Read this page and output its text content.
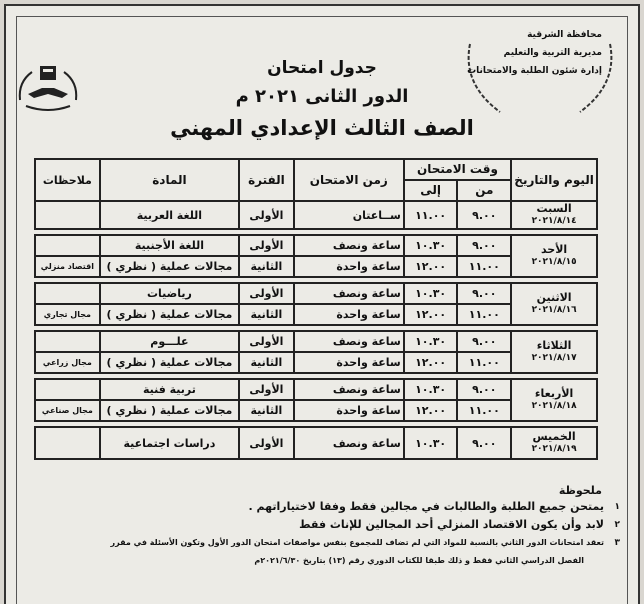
محافظة الشرقية
مديرية التربية والتعليم
إدارة شئون الطلبة والامتحانات
جدول امتحان
الدور الثانى ٢٠٢١ م
الصف الثالث الإعدادي المهني
اليوم والتاريخ	وقت الامتحان		زمن الامتحان	الفترة	المادة	ملاحظات
	من	إلى				

السبت
٢٠٢١/٨/١٤	٩.٠٠	١١.٠٠	ســاعتان	الأولى	اللغة العربية	

الأحد
٢٠٢١/٨/١٥	٩.٠٠	١٠.٣٠	ساعة ونصف	الأولى	اللغة الأجنبية	
	١١.٠٠	١٢.٠٠	ساعة واحدة	الثانية	مجالات عملية ( نظري )	اقتصاد منزلي

الاثنين
٢٠٢١/٨/١٦	٩.٠٠	١٠.٣٠	ساعة ونصف	الأولى	رياضيات	
	١١.٠٠	١٢.٠٠	ساعة واحدة	الثانية	مجالات عملية ( نظري )	مجال تجاري

الثلاثاء
٢٠٢١/٨/١٧	٩.٠٠	١٠.٣٠	ساعة ونصف	الأولى	علـــوم	
	١١.٠٠	١٢.٠٠	ساعة واحدة	الثانية	مجالات عملية ( نظري )	مجال زراعي

الأربعاء
٢٠٢١/٨/١٨	٩.٠٠	١٠.٣٠	ساعة ونصف	الأولى	تربية فنية	
	١١.٠٠	١٢.٠٠	ساعة واحدة	الثانية	مجالات عملية ( نظري )	مجال صناعي

الخميس
٢٠٢١/٨/١٩	٩.٠٠	١٠.٣٠	ساعة ونصف	الأولى	دراسات اجتماعية	
ملحوظة
١
يمتحن جميع الطلبة والطالبات في مجالين فقط وفقا لاختياراتهم .
٢
لابد وأن يكون الاقتصاد المنزلي أحد المجالين للإناث فقط
٣
تعقد امتحانات الدور الثاني بالنسبة للمواد التي لم تضاف للمجموع بنفس مواصفات امتحان الدور الأول وتكون الأسئلة في مقرر
الفصل الدراسي الثاني فقط و ذلك طبقا للكتاب الدوري رقم (١٣) بتاريخ ٢٠٢١/٦/٣٠م
